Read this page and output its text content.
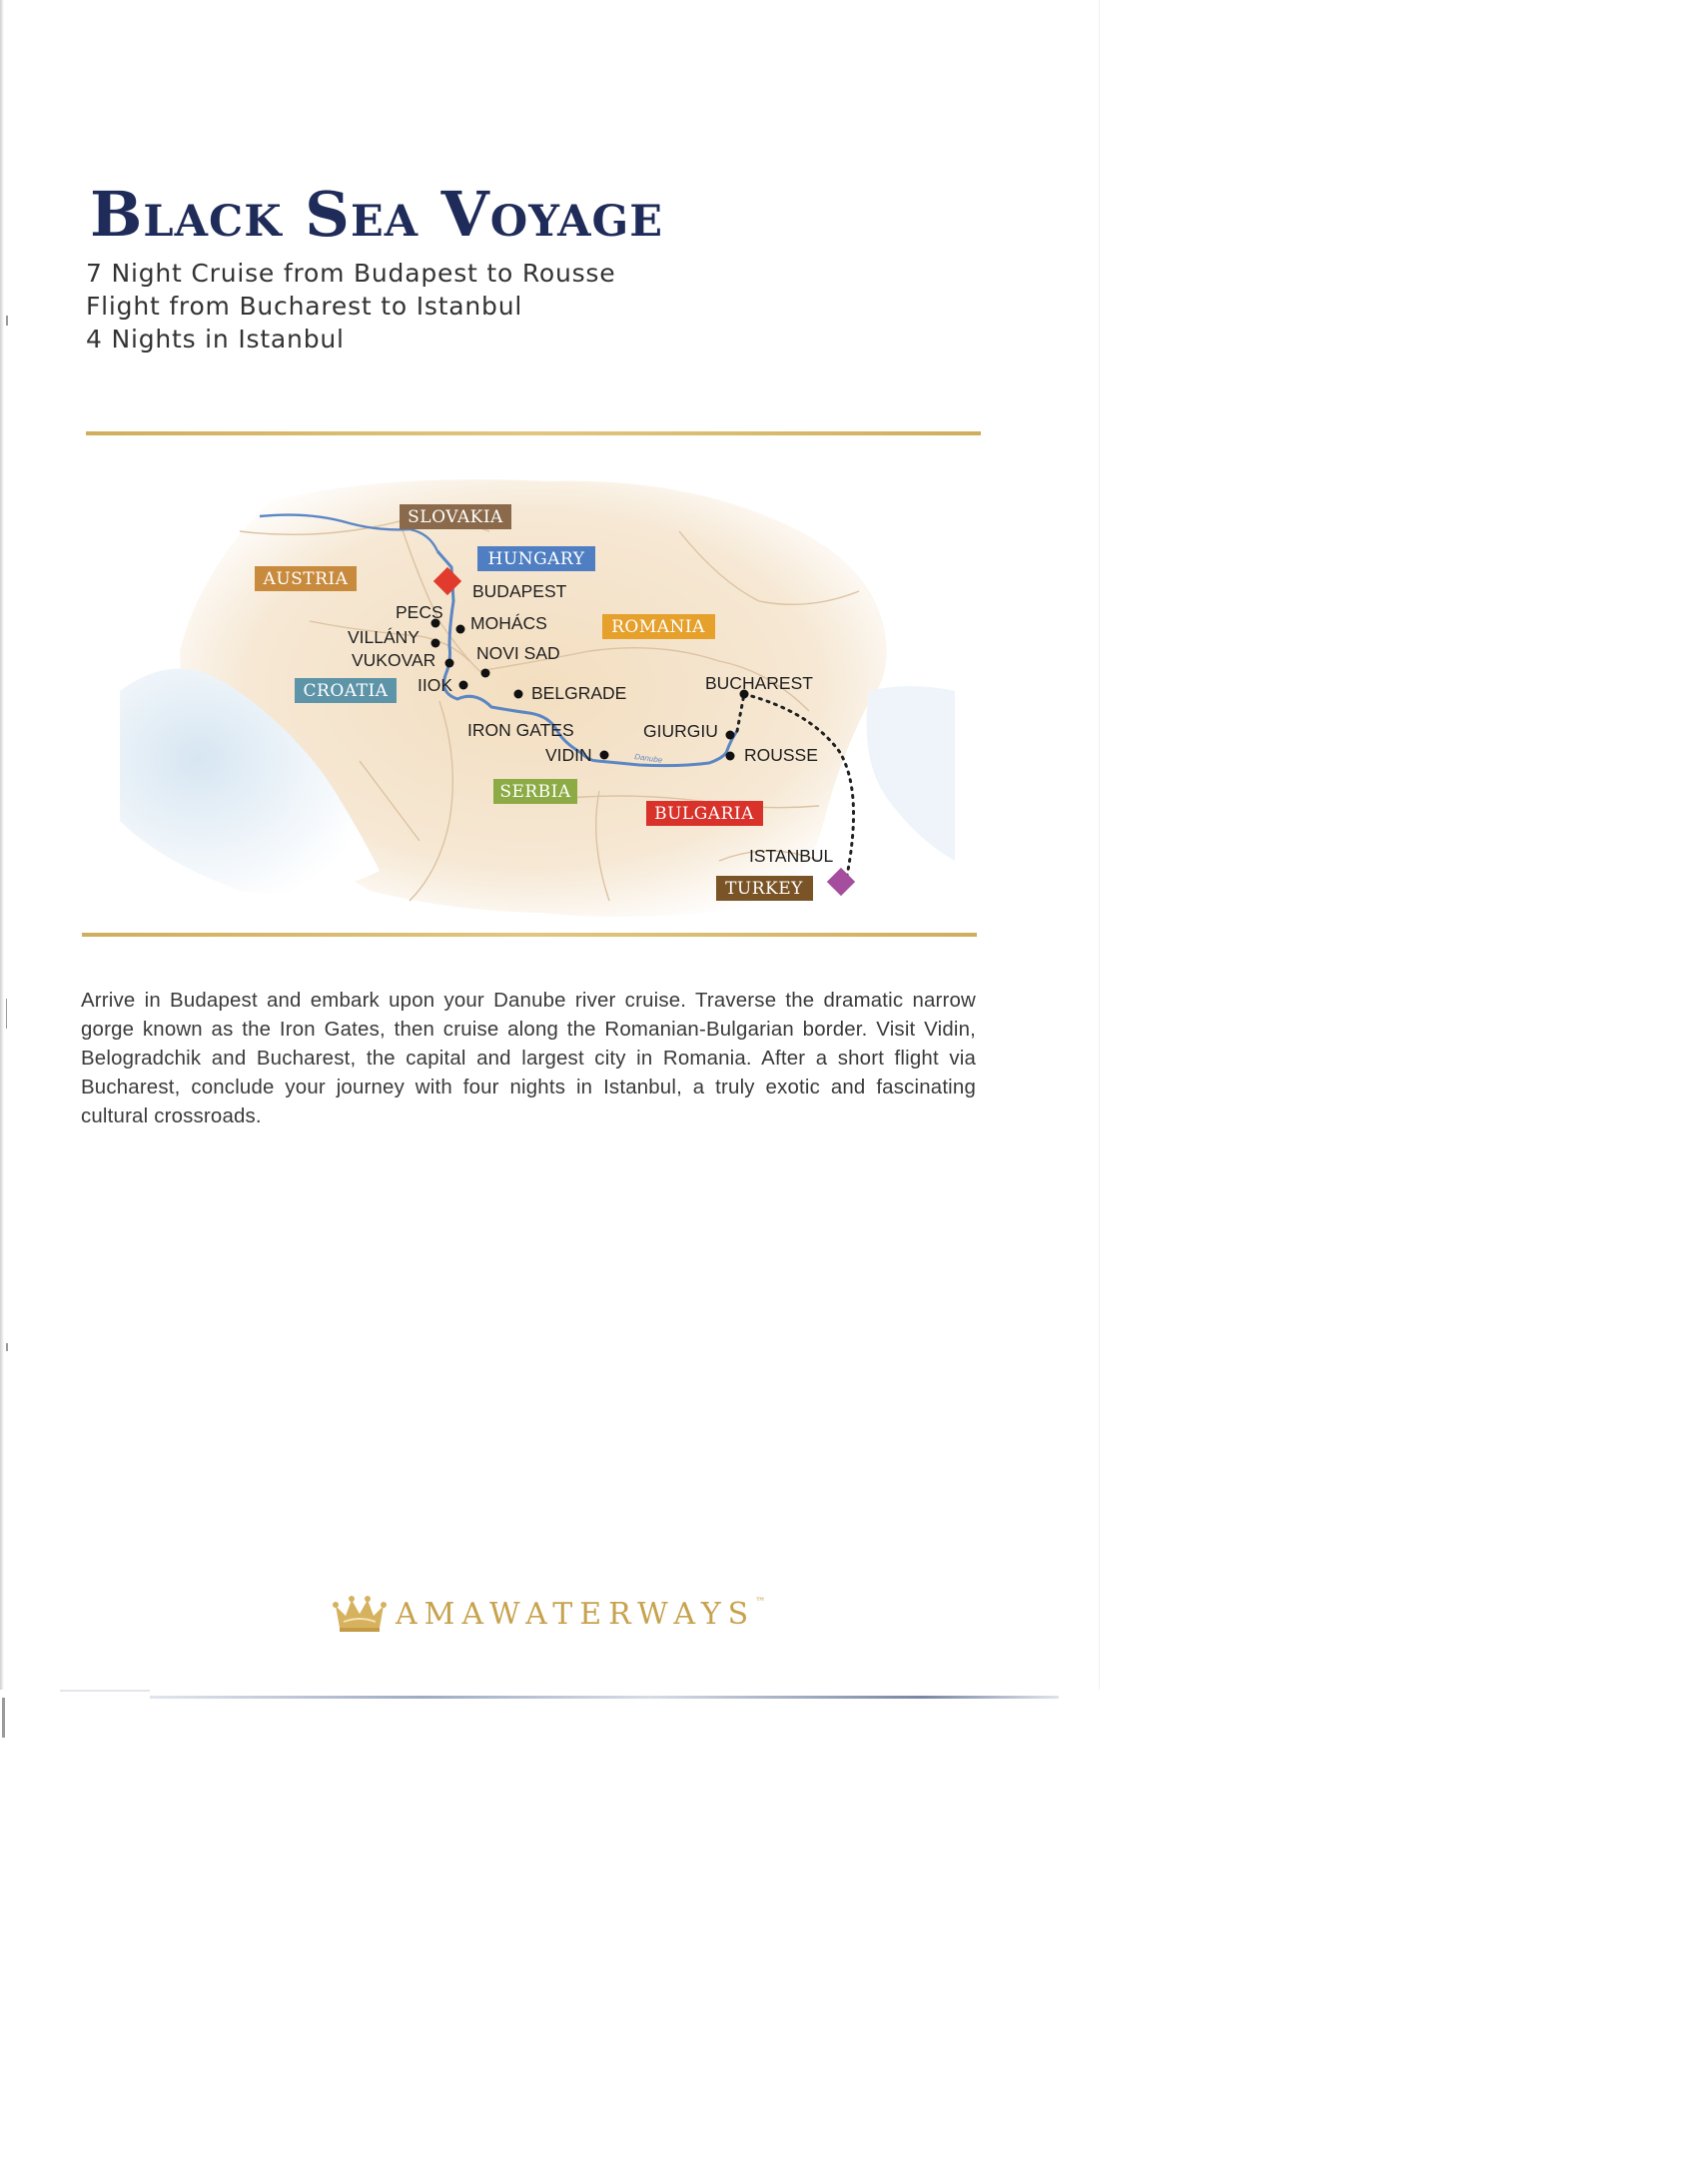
Black Sea Voyage
7 Night Cruise from Budapest to Rousse
Flight from Bucharest to Istanbul
4 Nights in Istanbul
Danube
BUDAPEST
PECS
MOHÁCS
VILLÁNY
VUKOVAR NOVI SAD
IIOK	BELGRADE
IRON GATES
VIDIN
GIURGIU
BUCHAREST
ROUSSE
ISTANBUL
SLOVAKIA
AUSTRIA
HUNGARY
ROMANIA
CROATIA
SERBIA
BULGARIA
TURKEY

Arrive in Budapest and embark upon your Danube river cruise. Traverse the dramatic narrow gorge known as the Iron Gates, then cruise along the Romanian-Bulgarian border. Visit Vidin, Belogradchik and Bucharest, the capital and largest city in Romania. After a short flight via Bucharest, conclude your journey with four nights in Istanbul, a truly exotic and fascinating cultural crossroads.

AMAWATERWAYS™
